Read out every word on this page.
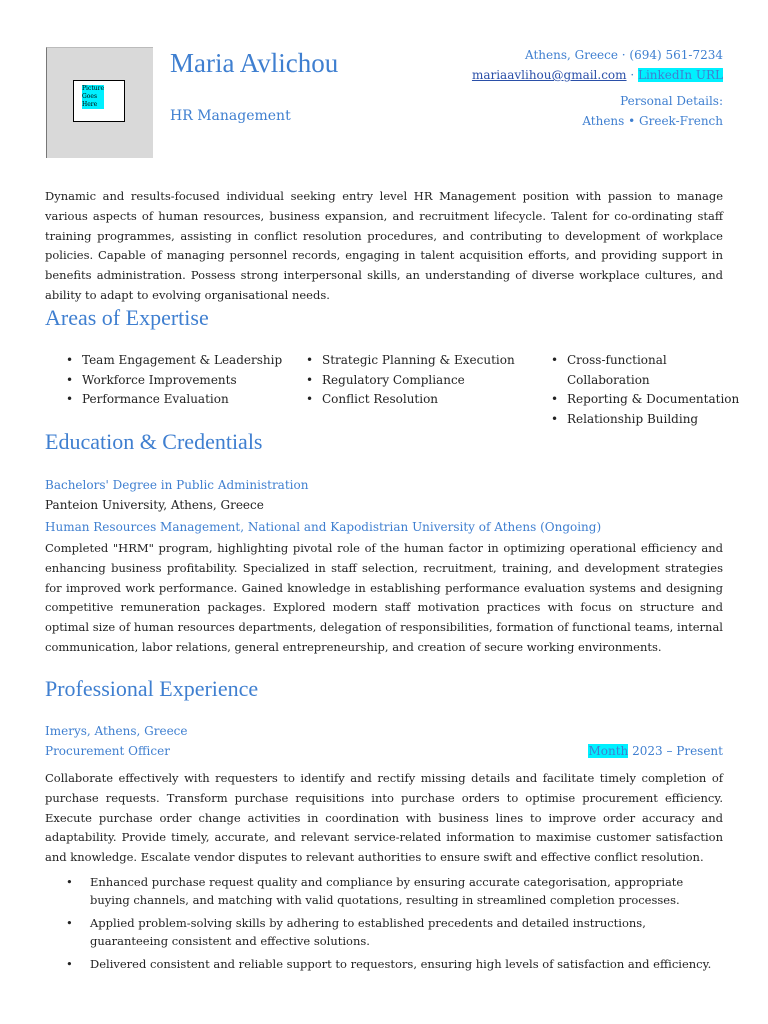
Picture Goes Here
Maria Avlichou
HR Management
Athens, Greece · (694) 561-7234
mariaavlihou@gmail.com · LinkedIn URL
Personal Details:
Athens • Greek-French

Dynamic and results-focused individual seeking entry level HR Management position with passion to manage various aspects of human resources, business expansion, and recruitment lifecycle. Talent for co-ordinating staff training programmes, assisting in conflict resolution procedures, and contributing to development of workplace policies. Capable of managing personnel records, engaging in talent acquisition efforts, and providing support in benefits administration. Possess strong interpersonal skills, an understanding of diverse workplace cultures, and ability to adapt to evolving organisational needs.

Areas of Expertise
• Team Engagement & Leadership
• Workforce Improvements
• Performance Evaluation
• Strategic Planning & Execution
• Regulatory Compliance
• Conflict Resolution
• Cross-functional Collaboration
• Reporting & Documentation
• Relationship Building
Education & Credentials
Bachelors' Degree in Public Administration
Panteion University, Athens, Greece
Human Resources Management, National and Kapodistrian University of Athens (Ongoing)

Completed "HRM" program, highlighting pivotal role of the human factor in optimizing operational efficiency and enhancing business profitability. Specialized in staff selection, recruitment, training, and development strategies for improved work performance. Gained knowledge in establishing performance evaluation systems and designing competitive remuneration packages. Explored modern staff motivation practices with focus on structure and optimal size of human resources departments, delegation of responsibilities, formation of functional teams, internal communication, labor relations, general entrepreneurship, and creation of secure working environments.

Professional Experience
Imerys, Athens, Greece
Procurement Officer	Month 2023 – Present

Collaborate effectively with requesters to identify and rectify missing details and facilitate timely completion of purchase requests. Transform purchase requisitions into purchase orders to optimise procurement efficiency. Execute purchase order change activities in coordination with business lines to improve order accuracy and adaptability. Provide timely, accurate, and relevant service-related information to maximise customer satisfaction and knowledge. Escalate vendor disputes to relevant authorities to ensure swift and effective conflict resolution.

• Enhanced purchase request quality and compliance by ensuring accurate categorisation, appropriate buying channels, and matching with valid quotations, resulting in streamlined completion processes.
• Applied problem-solving skills by adhering to established precedents and detailed instructions, guaranteeing consistent and effective solutions.
• Delivered consistent and reliable support to requestors, ensuring high levels of satisfaction and efficiency.
